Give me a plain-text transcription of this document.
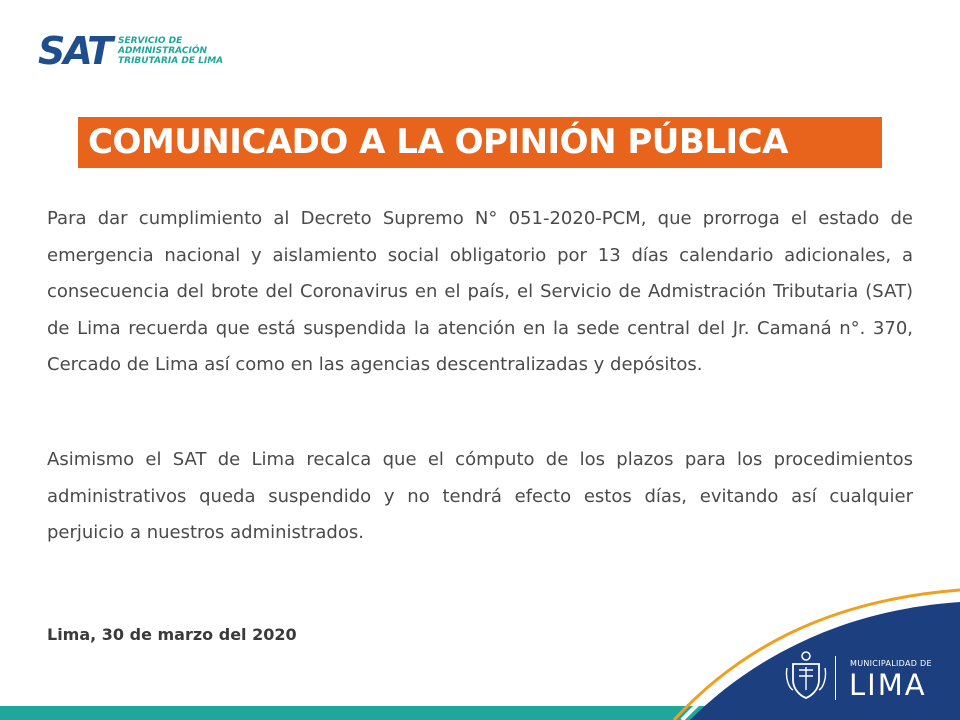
SAT SERVICIO DE
ADMINISTRACIÓN
TRIBUTARIA DE LIMA
COMUNICADO A LA OPINIÓN PÚBLICA

Para dar cumplimiento al Decreto Supremo N° 051-2020-PCM, que prorroga el estado de emergencia nacional y aislamiento social obligatorio por 13 días calendario adicionales, a consecuencia del brote del Coronavirus en el país, el Servicio de Admistración Tributaria (SAT) de Lima recuerda que está suspendida la atención en la sede central del Jr. Camaná n°. 370, Cercado de Lima así como en las agencias descentralizadas y depósitos.

Asimismo el SAT de Lima recalca que el cómputo de los plazos para los procedimientos administrativos queda suspendido y no tendrá efecto estos días, evitando así cualquier perjuicio a nuestros administrados.

Lima, 30 de marzo del 2020
MUNICIPALIDAD DE
LIMA
